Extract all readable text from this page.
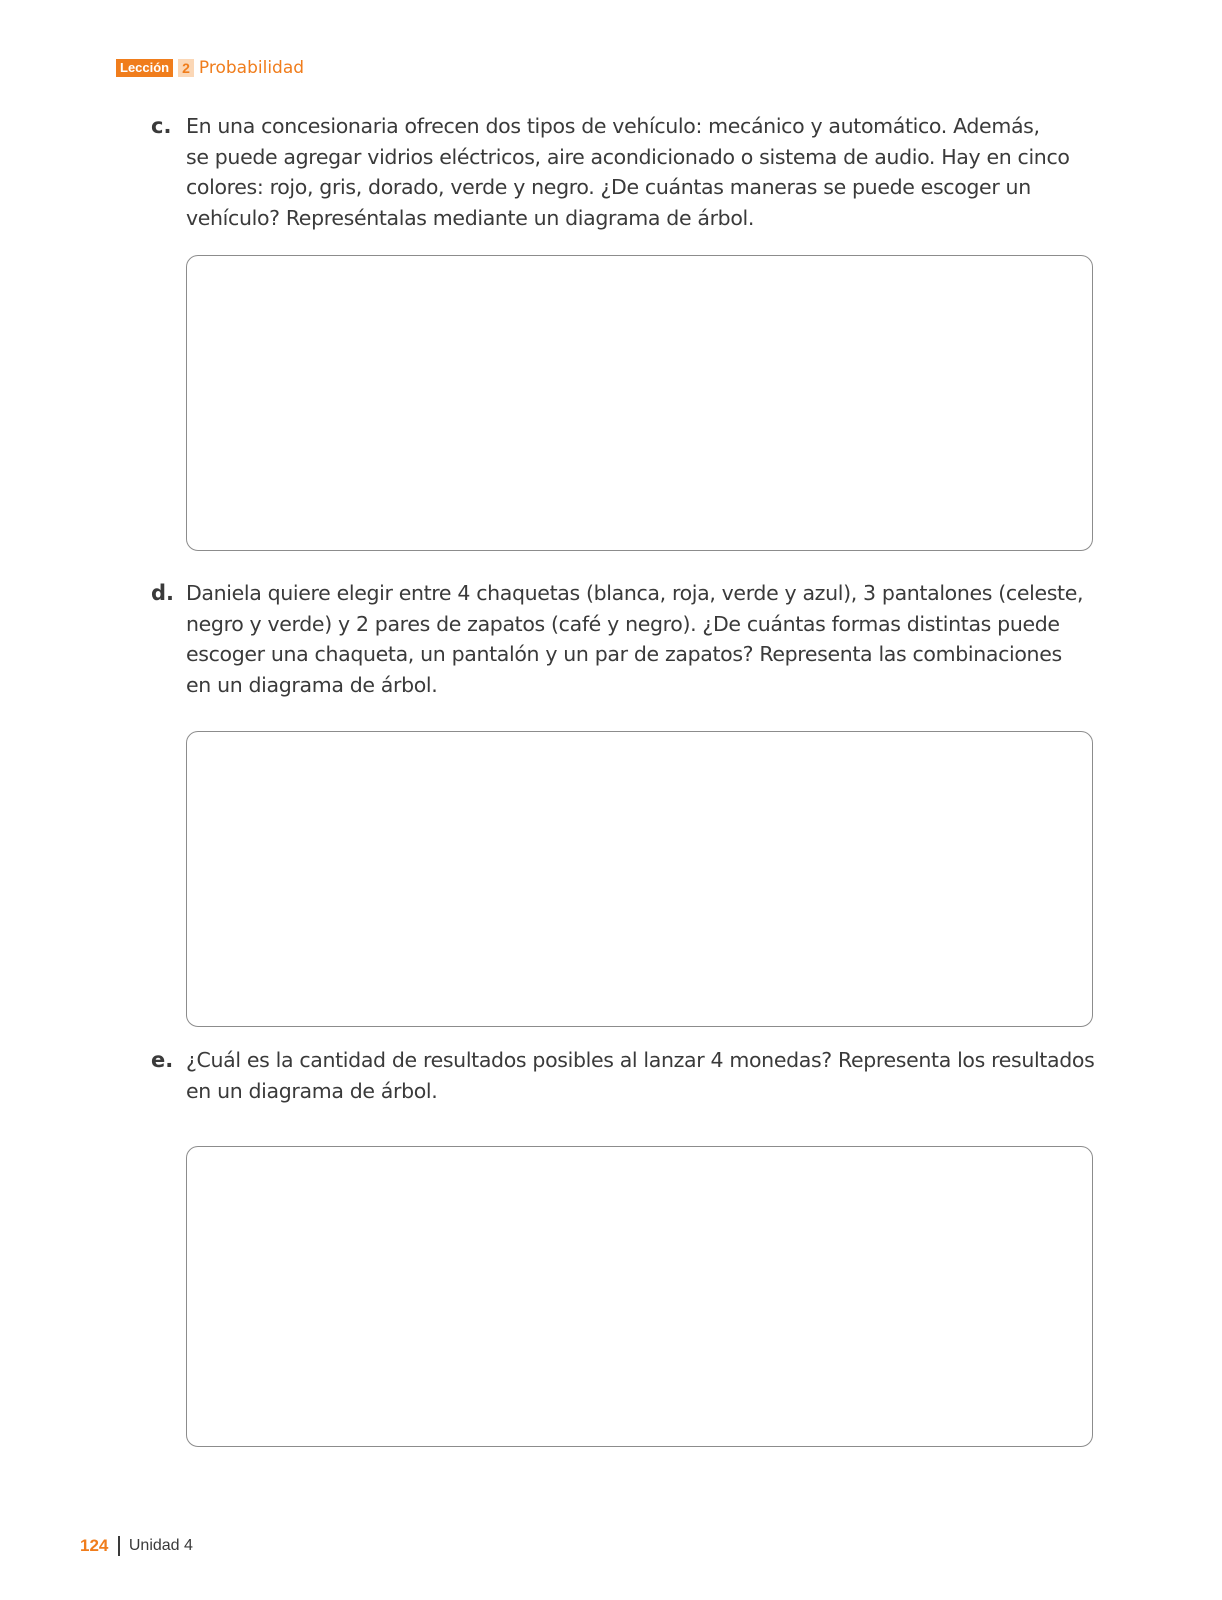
Lección 2 Probabilidad
c. En una concesionaria ofrecen dos tipos de vehículo: mecánico y automático. Además,
se puede agregar vidrios eléctricos, aire acondicionado o sistema de audio. Hay en cinco
colores: rojo, gris, dorado, verde y negro. ¿De cuántas maneras se puede escoger un
vehículo? Represéntalas mediante un diagrama de árbol.
d. Daniela quiere elegir entre 4 chaquetas (blanca, roja, verde y azul), 3 pantalones (celeste,
negro y verde) y 2 pares de zapatos (café y negro). ¿De cuántas formas distintas puede
escoger una chaqueta, un pantalón y un par de zapatos? Representa las combinaciones
en un diagrama de árbol.
e. ¿Cuál es la cantidad de resultados posibles al lanzar 4 monedas? Representa los resultados
en un diagrama de árbol.
124 Unidad 4
